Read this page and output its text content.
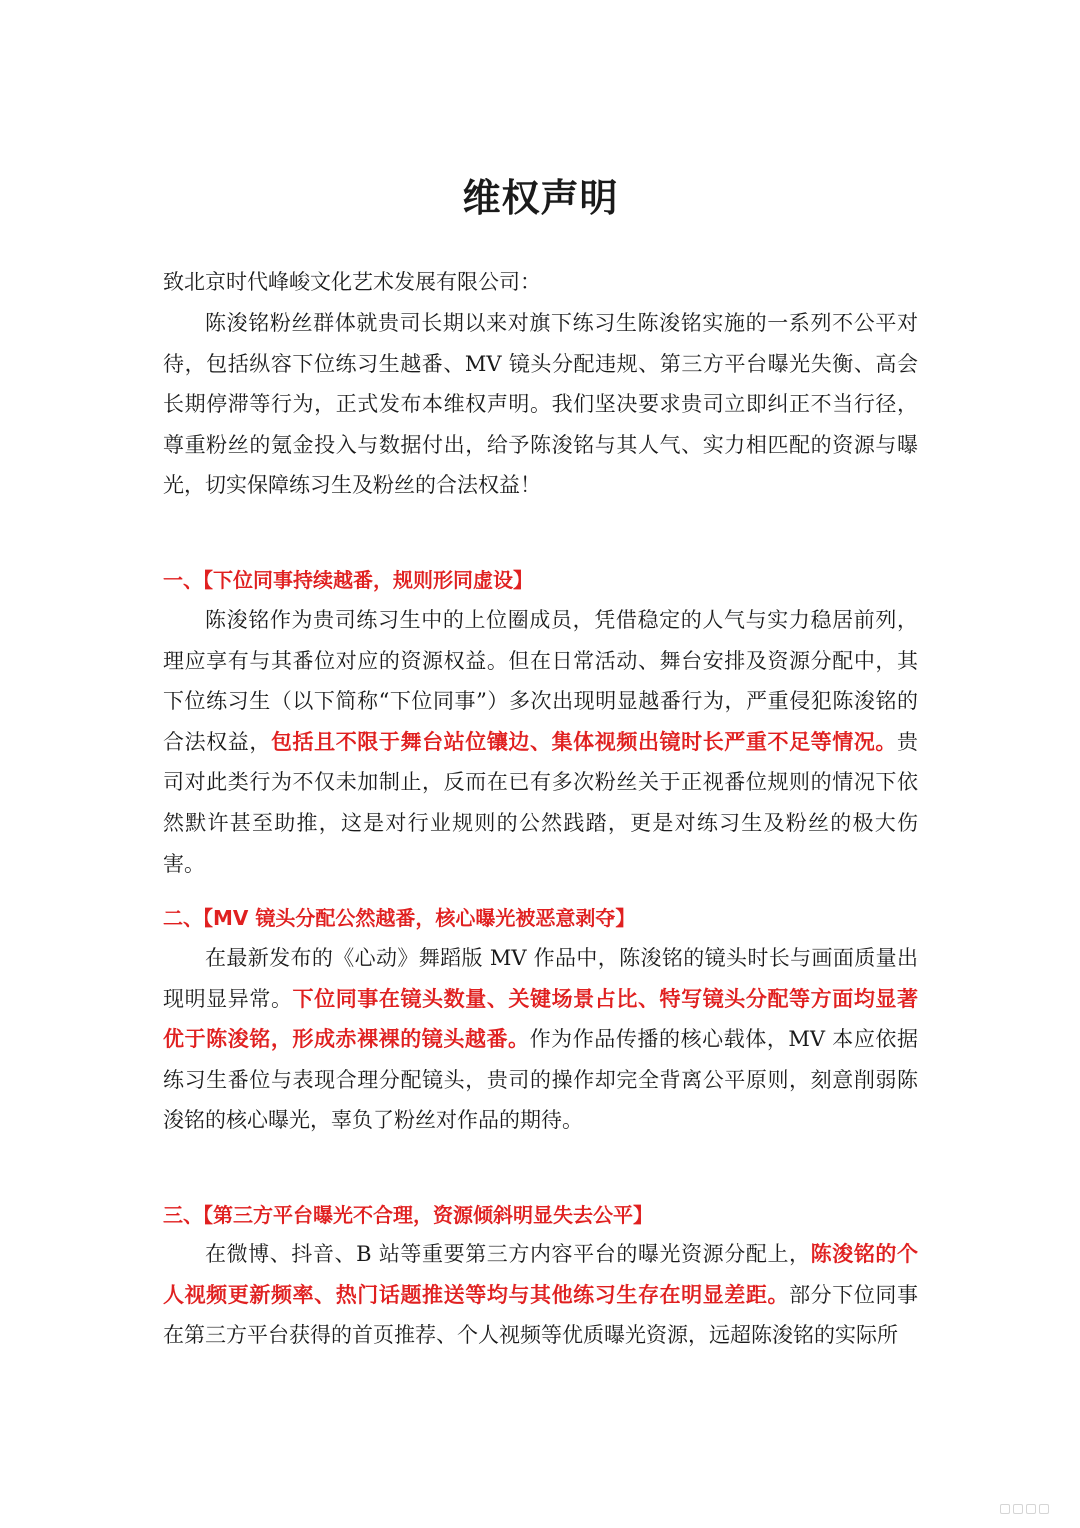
维权声明
致北京时代峰峻文化艺术发展有限公司：

陈浚铭粉丝群体就贵司长期以来对旗下练习生陈浚铭实施的一系列不公平对待，包括纵容下位练习生越番、MV 镜头分配违规、第三方平台曝光失衡、高会长期停滞等行为，正式发布本维权声明。我们坚决要求贵司立即纠正不当行径，尊重粉丝的氪金投入与数据付出，给予陈浚铭与其人气、实力相匹配的资源与曝光，切实保障练习生及粉丝的合法权益！

一、【下位同事持续越番，规则形同虚设】

陈浚铭作为贵司练习生中的上位圈成员，凭借稳定的人气与实力稳居前列，理应享有与其番位对应的资源权益。但在日常活动、舞台安排及资源分配中，其下位练习生（以下简称“下位同事”）多次出现明显越番行为，严重侵犯陈浚铭的合法权益，包括且不限于舞台站位镶边、集体视频出镜时长严重不足等情况。贵司对此类行为不仅未加制止，反而在已有多次粉丝关于正视番位规则的情况下依然默许甚至助推，这是对行业规则的公然践踏，更是对练习生及粉丝的极大伤害。

二、【MV 镜头分配公然越番，核心曝光被恶意剥夺】

在最新发布的《心动》舞蹈版 MV 作品中，陈浚铭的镜头时长与画面质量出现明显异常。下位同事在镜头数量、关键场景占比、特写镜头分配等方面均显著优于陈浚铭，形成赤裸裸的镜头越番。作为作品传播的核心载体，MV 本应依据练习生番位与表现合理分配镜头，贵司的操作却完全背离公平原则，刻意削弱陈浚铭的核心曝光，辜负了粉丝对作品的期待。

三、【第三方平台曝光不合理，资源倾斜明显失去公平】

在微博、抖音、B 站等重要第三方内容平台的曝光资源分配上，陈浚铭的个人视频更新频率、热门话题推送等均与其他练习生存在明显差距。部分下位同事在第三方平台获得的首页推荐、个人视频等优质曝光资源，远超陈浚铭的实际所
